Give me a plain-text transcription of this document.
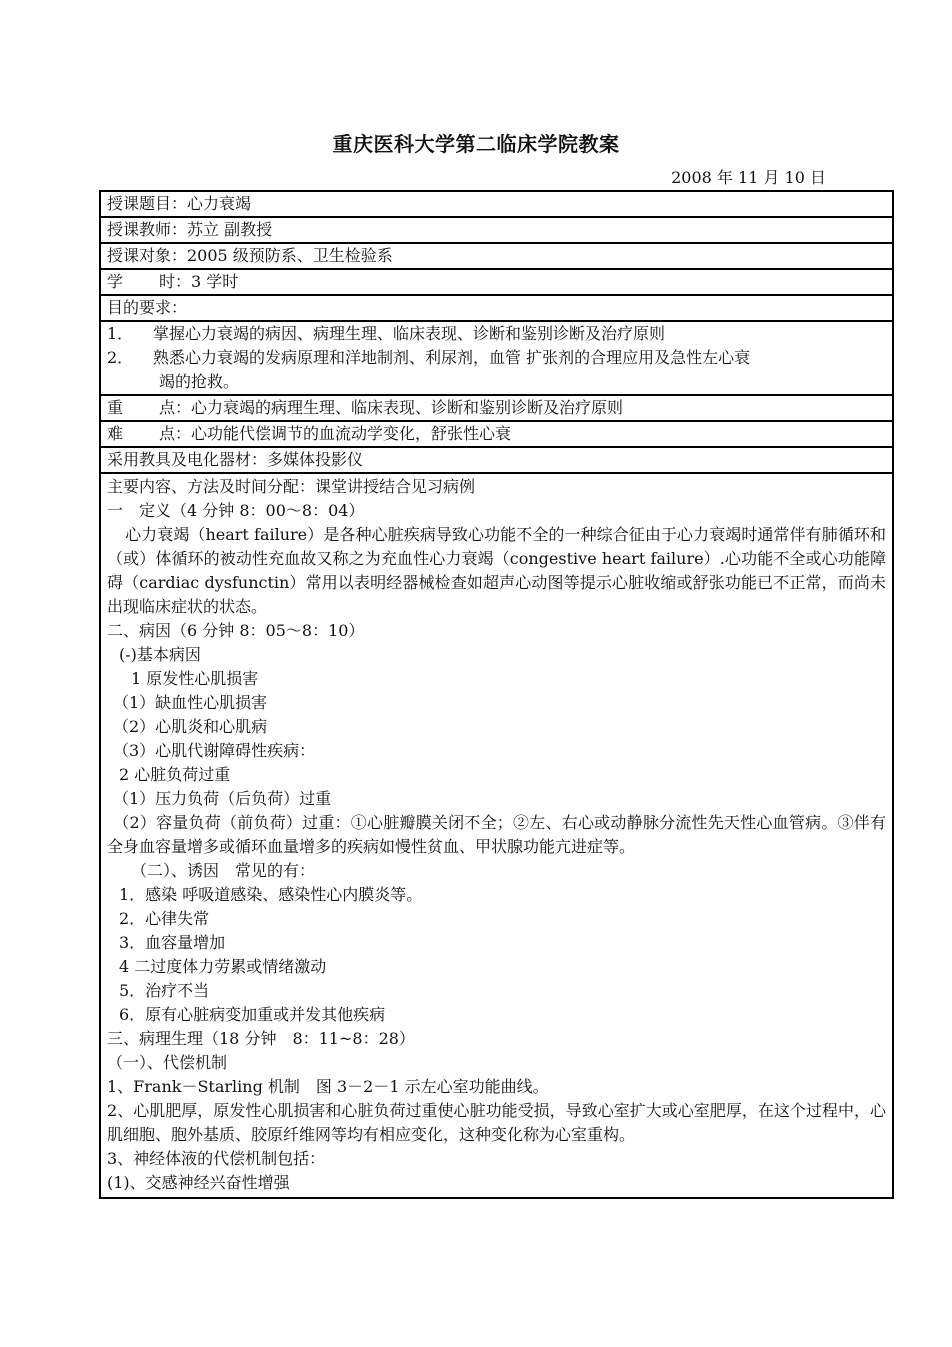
重庆医科大学第二临床学院教案
2008 年 11 月 10 日
授课题目：心力衰竭
授课教师：苏立 副教授
授课对象：2005 级预防系、卫生检验系
学 时：3 学时
目的要求：
1．	掌握心力衰竭的病因、病理生理、临床表现、诊断和鉴别诊断及治疗原则
2．	熟悉心力衰竭的发病原理和洋地制剂、利尿剂，血管 扩张剂的合理应用及急性左心衰
竭的抢救。
重 点：心力衰竭的病理生理、临床表现、诊断和鉴别诊断及治疗原则
难 点：心功能代偿调节的血流动学变化，舒张性心衰
采用教具及电化器材：多媒体投影仪
主要内容、方法及时间分配：课堂讲授结合见习病例
一　定义（4 分钟 8：00～8：04）
心力衰竭（heart failure）是各种心脏疾病导致心功能不全的一种综合征由于心力衰竭时通常伴有肺循环和（或）体循环的被动性充血故又称之为充血性心力衰竭（congestive heart failure）.心功能不全或心功能障碍（cardiac dysfunctin）常用以表明经器械检查如超声心动图等提示心脏收缩或舒张功能已不正常，而尚未出现临床症状的状态。
二、病因（6 分钟 8：05～8：10）
(-)基本病因
1 原发性心肌损害
（1）缺血性心肌损害
（2）心肌炎和心肌病
（3）心肌代谢障碍性疾病：
2 心脏负荷过重
（1）压力负荷（后负荷）过重
（2）容量负荷（前负荷）过重：①心脏瓣膜关闭不全；②左、右心或动静脉分流性先天性心血管病。③伴有全身血容量增多或循环血量增多的疾病如慢性贫血、甲状腺功能亢进症等。
（二）、诱因　常见的有：
1．感染 呼吸道感染、感染性心内膜炎等。
2．心律失常
3．血容量增加
4 二过度体力劳累或情绪激动
5．治疗不当
6．原有心脏病变加重或并发其他疾病
三、病理生理（18 分钟　8：11~8：28）
（一）、代偿机制
1、Frank－Starling 机制　图 3－2－1 示左心室功能曲线。
2、心肌肥厚，原发性心肌损害和心脏负荷过重使心脏功能受损，导致心室扩大或心室肥厚，在这个过程中，心肌细胞、胞外基质、胶原纤维网等均有相应变化，这种变化称为心室重构。
3、神经体液的代偿机制包括：
(1)、交感神经兴奋性增强
